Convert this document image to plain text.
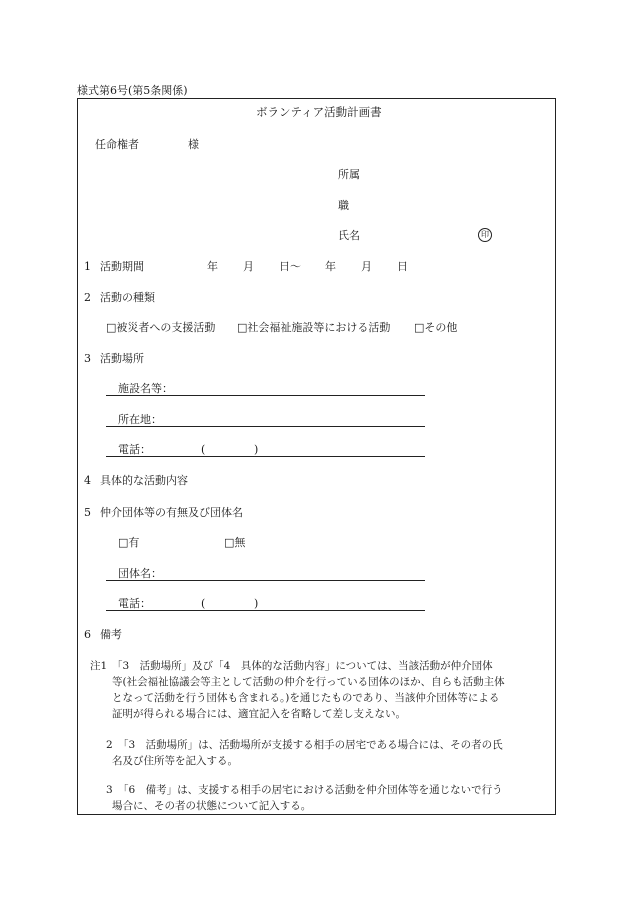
様式第6号(第5条関係)
ボランティア活動計画書
任命権者	様
所属
職
氏名	印
1 活動期間	年 月 日〜 年 月 日
2 活動の種類
□被災者への支援活動 □社会福祉施設等における活動 □その他
3 活動場所
施設名等：
所在地：
電話：	(	)
4 具体的な活動内容
5 仲介団体等の有無及び団体名
□有	□無
団体名：
電話：	(	)
6 備考
注1 「3　活動場所」及び「4　具体的な活動内容」については、当該活動が仲介団体
等(社会福祉協議会等主として活動の仲介を行っている団体のほか、自らも活動主体
となって活動を行う団体も含まれる。)を通じたものであり、当該仲介団体等による
証明が得られる場合には、適宜記入を省略して差し支えない。
2 「3　活動場所」は、活動場所が支援する相手の居宅である場合には、その者の氏
名及び住所等を記入する。
3 「6　備考」は、支援する相手の居宅における活動を仲介団体等を通じないで行う
場合に、その者の状態について記入する。
